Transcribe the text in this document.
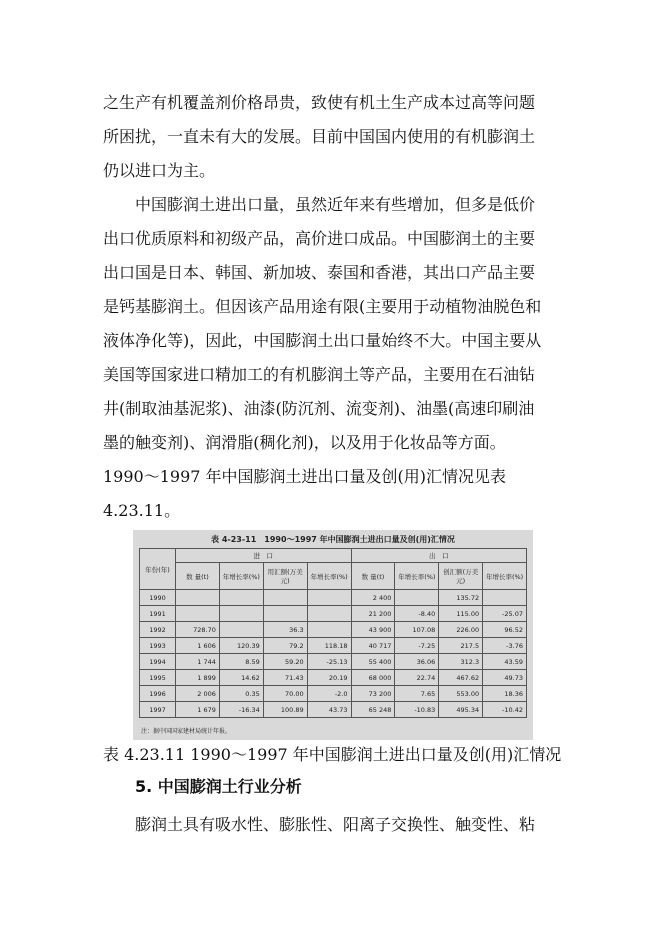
之生产有机覆盖剂价格昂贵，致使有机土生产成本过高等问题
所困扰，一直未有大的发展。目前中国国内使用的有机膨润土
仍以进口为主。
中国膨润土进出口量，虽然近年来有些增加，但多是低价
出口优质原料和初级产品，高价进口成品。中国膨润土的主要
出口国是日本、韩国、新加坡、泰国和香港，其出口产品主要
是钙基膨润土。但因该产品用途有限(主要用于动植物油脱色和
液体净化等)，因此，中国膨润土出口量始终不大。中国主要从
美国等国家进口精加工的有机膨润土等产品，主要用在石油钻
井(制取油基泥浆)、油漆(防沉剂、流变剂)、油墨(高速印刷油
墨的触变剂)、润滑脂(稠化剂)，以及用于化妆品等方面。
1990～1997 年中国膨润土进出口量及创(用)汇情况见表
4.23.11。
表 4-23-11　1990～1997 年中国膨润土进出口量及创(用)汇情况
年份(年)	进　口				出　口			
	数 量(t)	年增长率(%)	用汇额(万美元)	年增长率(%)	数 量(t)	年增长率(%)	创汇额(万美元)	年增长率(%)
1990					2 400		135.72	
1991					21 200	-8.40	115.00	-25.07
1992	728.70		36.3		43 900	107.08	226.00	96.52
1993	1 606	120.39	79.2	118.18	40 717	-7.25	217.5	-3.76
1994	1 744	8.59	59.20	-25.13	55 400	36.06	312.3	43.59
1995	1 899	14.62	71.43	20.19	68 000	22.74	467.62	49.73
1996	2 006	0.35	70.00	-2.0	73 200	7.65	553.00	18.36
1997	1 679	-16.34	100.89	43.73	65 248	-10.83	495.34	-10.42
注：据中国国家建材局统计年报。
表 4.23.11 1990～1997 年中国膨润土进出口量及创(用)汇情况
5. 中国膨润土行业分析
膨润土具有吸水性、膨胀性、阳离子交换性、触变性、粘
